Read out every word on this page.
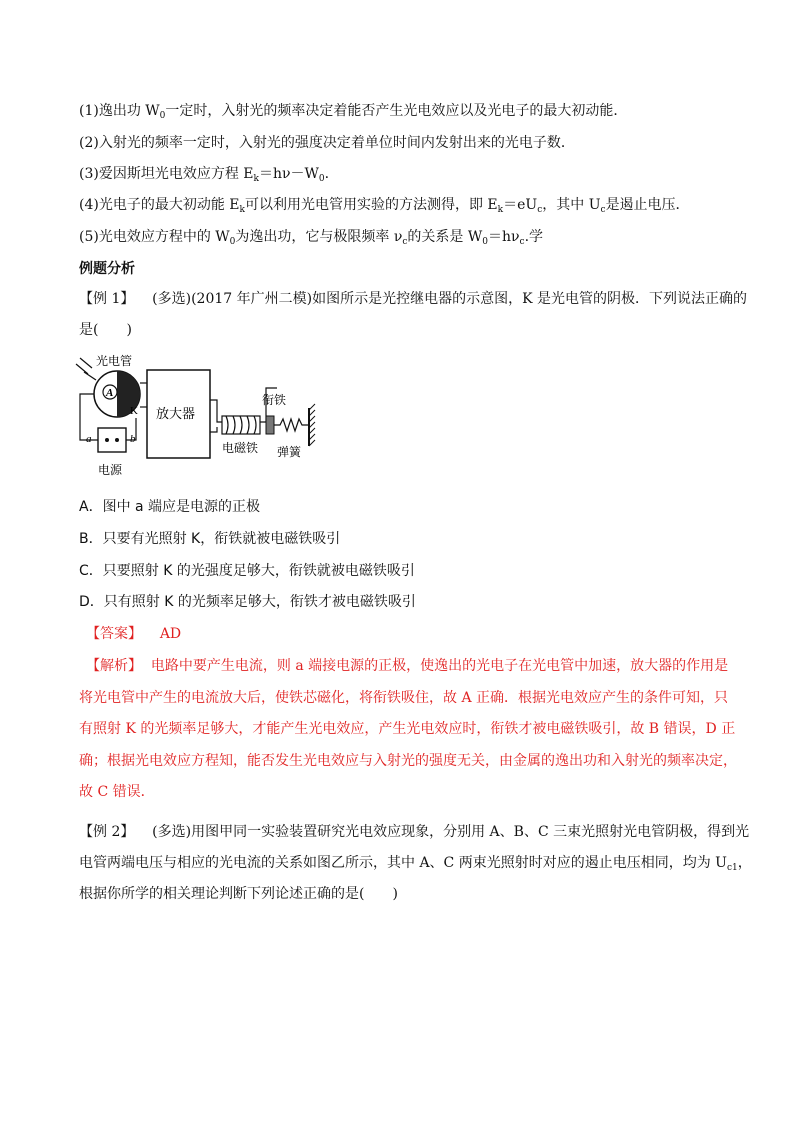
(1)逸出功 $W_0$一定时，入射光的频率决定着能否产生光电效应以及光电子的最大初动能．
(2)入射光的频率一定时，入射光的强度决定着单位时间内发射出来的光电子数．
(3)爱因斯坦光电效应方程 $E_k=h\nu-W_0$.
(4)光电子的最大初动能 $E_k$可以利用光电管用实验的方法测得，即 $E_k=eU_c$，其中 $U_c$是遏止电压．
(5)光电效应方程中的 $W_0$为逸出功，它与极限频率 $\nu_c$的关系是 $W_0=h\nu_c$.学
例题分析
【例 1】 (多选)(2017 年广州二模)如图所示是光控继电器的示意图，K 是光电管的阴极．下列说法正确的
是(　　)
A
光电管
K
a	b
电源
放大器
电磁铁
衔铁
弹簧
A．图中 a 端应是电源的正极
B．只要有光照射 K，衔铁就被电磁铁吸引
C．只要照射 K 的光强度足够大，衔铁就被电磁铁吸引
D．只有照射 K 的光频率足够大，衔铁才被电磁铁吸引
【答案】 AD
【解析】 电路中要产生电流，则 a 端接电源的正极，使逸出的光电子在光电管中加速，放大器的作用是
将光电管中产生的电流放大后，使铁芯磁化，将衔铁吸住，故 A 正确．根据光电效应产生的条件可知，只
有照射 K 的光频率足够大，才能产生光电效应，产生光电效应时，衔铁才被电磁铁吸引，故 B 错误，D 正
确；根据光电效应方程知，能否发生光电效应与入射光的强度无关，由金属的逸出功和入射光的频率决定，
故 C 错误．
【例 2】 (多选)用图甲同一实验装置研究光电效应现象，分别用 A、B、C 三束光照射光电管阴极，得到光
电管两端电压与相应的光电流的关系如图乙所示，其中 A、C 两束光照射时对应的遏止电压相同，均为 $U_{c1}$，
根据你所学的相关理论判断下列论述正确的是(　　)
